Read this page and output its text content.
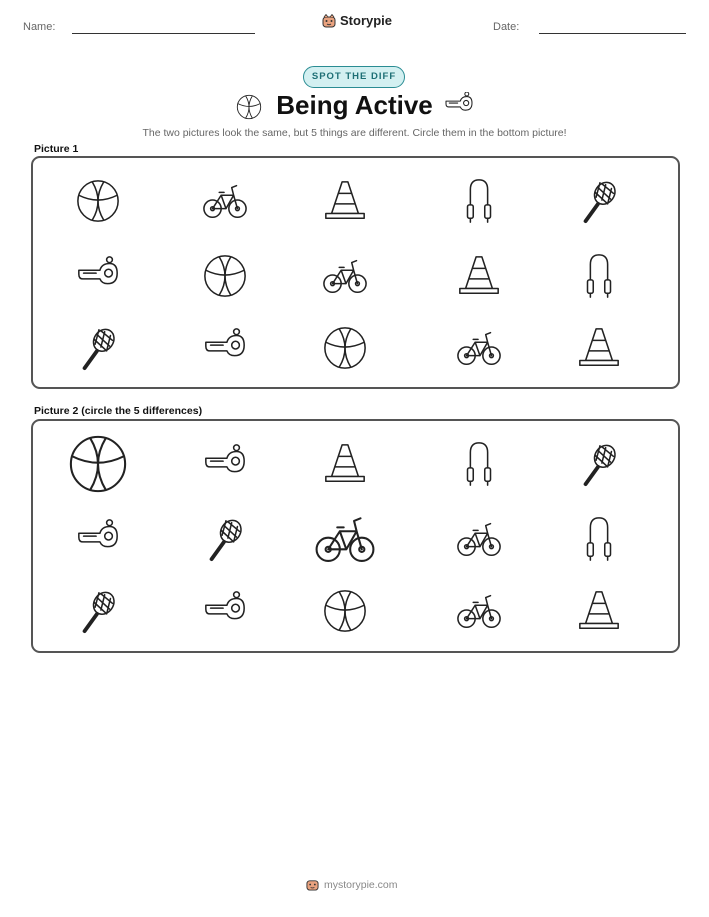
Name:	Storypie	Date:
SPOT THE DIFF
Being Active
The two pictures look the same, but 5 things are different. Circle them in the bottom picture!
Picture 1
Picture 2 (circle the 5 differences)
mystorypie.com
